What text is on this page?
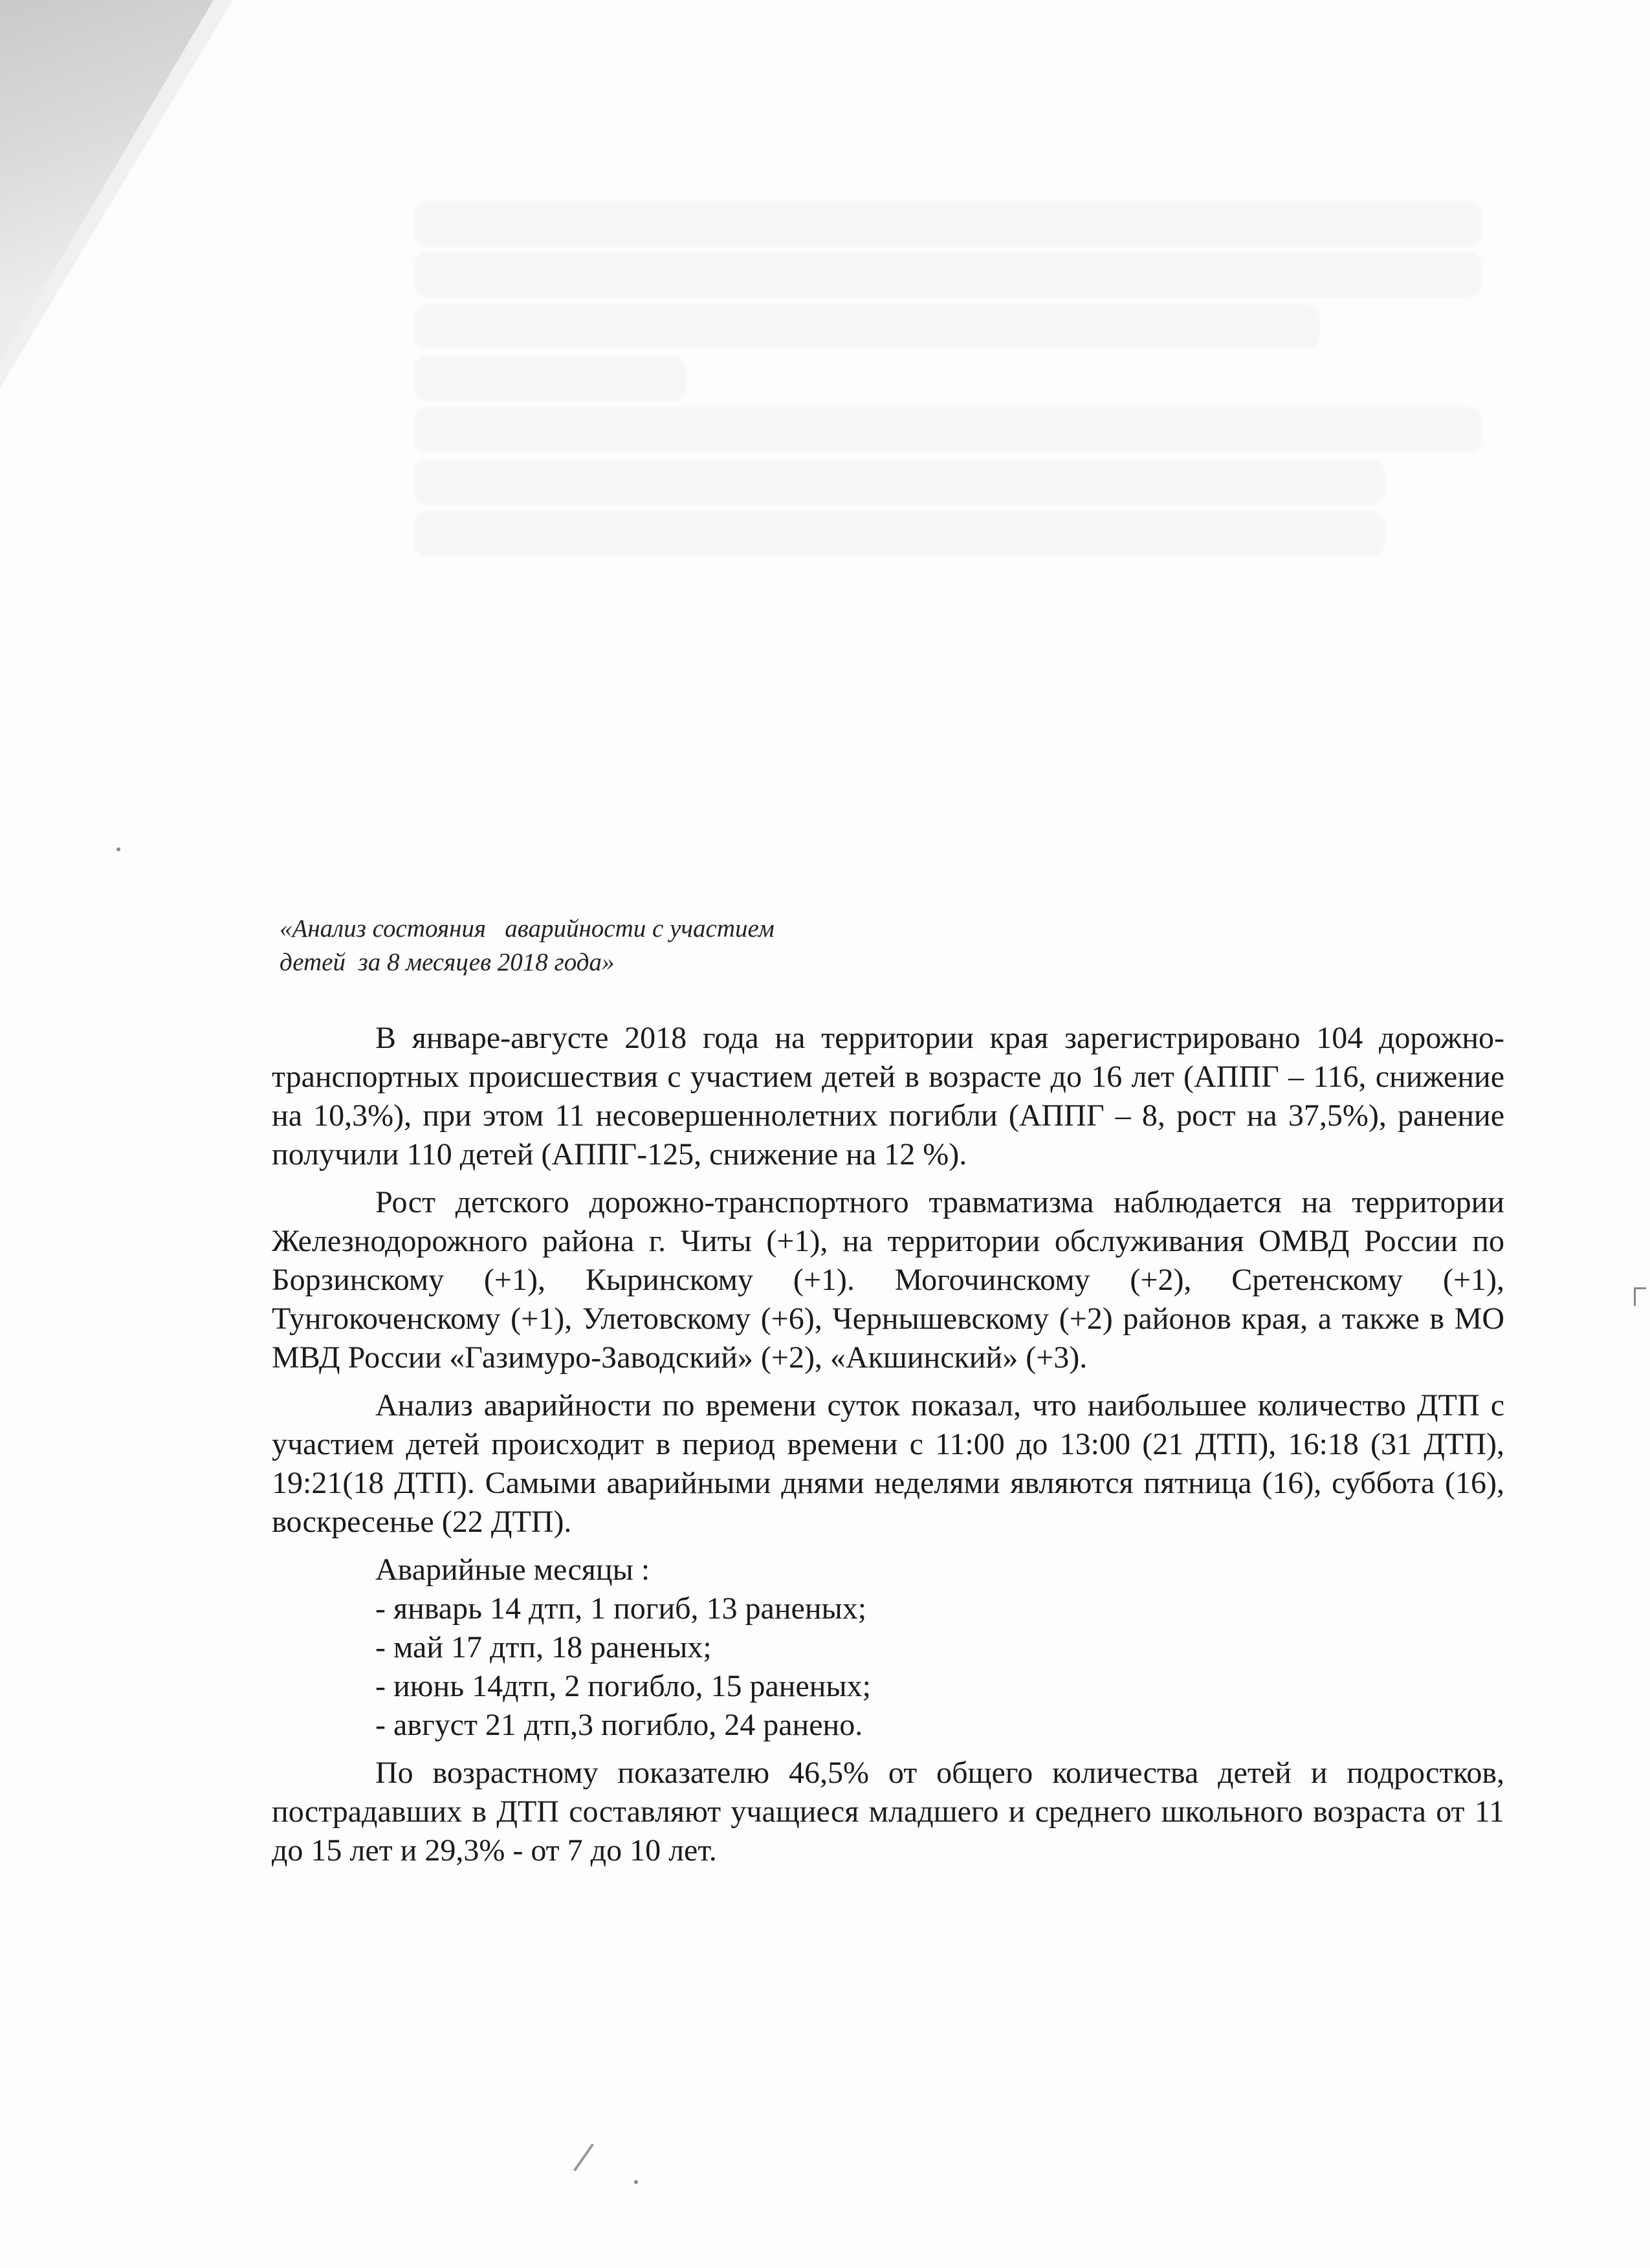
«Анализ состояния   аварийности с участием
детей  за 8 месяцев 2018 года»

В январе-августе 2018 года на территории края зарегистрировано 104 дорожно-транспортных происшествия с участием детей в возрасте до 16 лет (АППГ – 116, снижение на 10,3%), при этом 11 несовершеннолетних погибли (АППГ – 8, рост на 37,5%), ранение получили 110 детей (АППГ-125, снижение на 12 %).

Рост детского дорожно-транспортного травматизма наблюдается на территории Железнодорожного района г. Читы (+1), на территории обслуживания ОМВД России по Борзинскому (+1), Кыринскому (+1). Могочинскому (+2), Сретенскому (+1), Тунгокоченскому (+1), Улетовскому (+6), Чернышевскому (+2) районов края, а также в МО МВД России «Газимуро-Заводский» (+2), «Акшинский» (+3).

Анализ аварийности по времени суток показал, что наибольшее количество ДТП с участием детей происходит в период времени с 11:00 до 13:00 (21 ДТП), 16:18 (31 ДТП), 19:21(18 ДТП). Самыми аварийными днями неделями являются пятница (16), суббота (16), воскресенье (22 ДТП).

Аварийные месяцы :

- январь 14 дтп, 1 погиб, 13 раненых;
- май 17 дтп, 18 раненых;
- июнь 14дтп, 2 погибло, 15 раненых;
- август 21 дтп,3 погибло, 24 ранено.

По возрастному показателю 46,5% от общего количества детей и подростков, пострадавших в ДТП составляют учащиеся младшего и среднего школьного возраста от 11 до 15 лет и 29,3% - от 7 до 10 лет.
